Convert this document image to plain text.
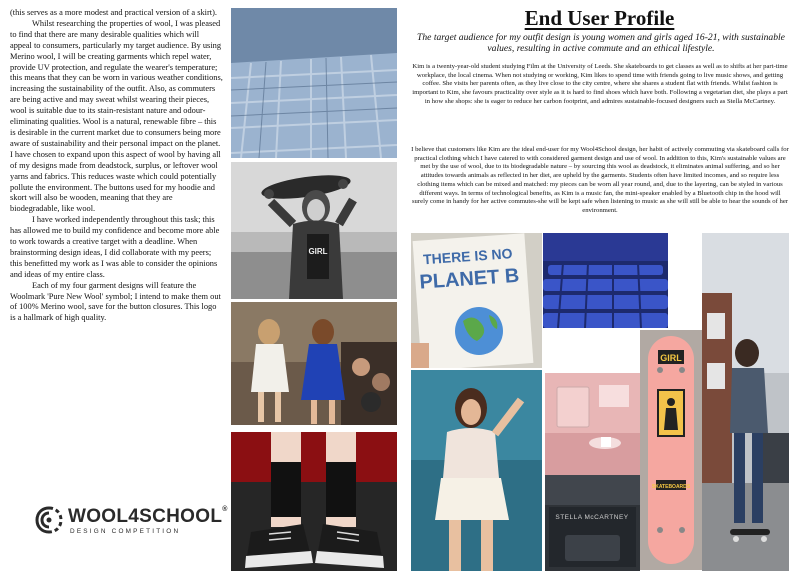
(this serves as a more modest and practical version of a skirt).

Whilst researching the properties of wool, I was pleased to find that there are many desirable qualities which will appeal to consumers, particularly my target audience. By using Merino wool, I will be creating garments which repel water, provide UV protection, and regulate the wearer's temperature; this means that they can be worn in various weather conditions, increasing the sustainability of the outfit. Also, as commuters are being active and may sweat whilst wearing their pieces, wool is suitable due to its stain-resistant nature and odour-eliminating qualities. Wool is a natural, renewable fibre – this is desirable in the current market due to consumers being more aware of sustainability and their personal impact on the planet. I have chosen to expand upon this aspect of wool by having all of my designs made from deadstock, surplus, or leftover wool yarns and fabrics. This reduces waste which could potentially pollute the environment. The buttons used for my hoodie and skort will also be wooden, meaning that they are biodegradable, like wool.

I have worked independently throughout this task; this has allowed me to build my confidence and become more able to work towards a creative target with a deadline. When brainstorming design ideas, I did collaborate with my peers; this benefitted my work as I was able to consider the opinions and ideas of my entire class.

Each of my four garment designs will feature the Woolmark 'Pure New Wool' symbol; I intend to make them out of 100% Merino wool, save for the button closures. This logo is a hallmark of high quality.

WOOL4SCHOOL®
DESIGN COMPETITION
GIRL
End User Profile
The target audience for my outfit design is young women and girls aged 16-21, with sustainable values, resulting in active commute and an ethical lifestyle.
Kim is a twenty-year-old student studying Film at the University of Leeds. She skateboards to get classes as well as to shifts at her part-time workplace, the local cinema. When not studying or working, Kim likes to spend time with friends going to live music shows, and getting coffee. She visits her parents often, as they live close to the city centre, where she shares a student flat with friends. Whilst fashion is important to Kim, she favours practicality over style as it is hard to find shoes which have both. Following a vegetarian diet, she plays a part in how she shops: she is eager to reduce her carbon footprint, and admires sustainable-focused designers such as Stella McCartney.
I believe that customers like Kim are the ideal end-user for my Wool4School design, her habit of actively commuting via skateboard calls for practical clothing which I have catered to with considered garment design and use of wool. In addition to this, Kim's sustainable values are met by the use of wool, due to its biodegradable nature – by sourcing this wool as deadstock, it eliminates animal suffering, and so her attitudes towards animals as reflected in her diet, are upheld by the garments. Students often have limited incomes, and so require less clothing items which can be mixed and matched: my pieces can be worn all year round, and, due to the layering, can be styled in various different ways. In terms of technological benefits, as Kim is a music fan, the mini-speaker enabled by a Bluetooth chip in the hood will surely come in handy for her active commutes-she will be kept safe when listening to music as she will still be able to hear the sounds of her environment.
THERE IS NO
PLANET B
GIRL
SKATEBOARDS
STELLA McCARTNEY
